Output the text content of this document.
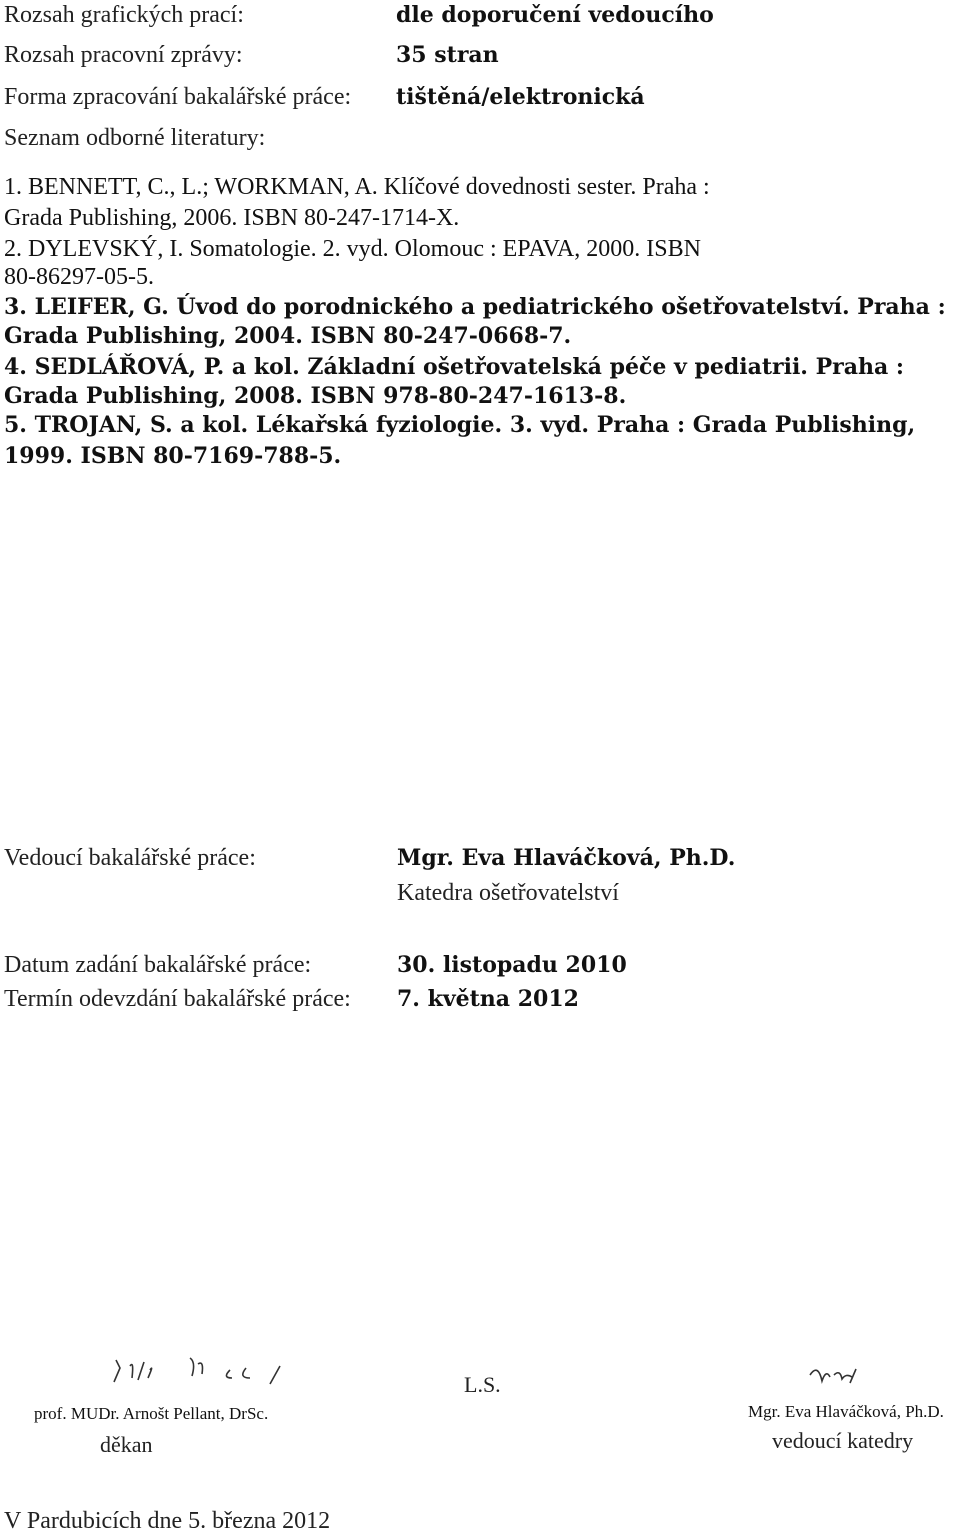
Rozsah grafických prací:	dle doporučení vedoucího
Rozsah pracovní zprávy:	35 stran
Forma zpracování bakalářské práce: tištěná/elektronická
Seznam odborné literatury:
1. BENNETT, C., L.; WORKMAN, A. Klíčové dovednosti sester. Praha :
Grada Publishing, 2006. ISBN 80-247-1714-X.
2. DYLEVSKÝ, I. Somatologie. 2. vyd. Olomouc : EPAVA, 2000. ISBN
80-86297-05-5.
3. LEIFER, G. Úvod do porodnického a pediatrického ošetřovatelství. Praha :
Grada Publishing, 2004. ISBN 80-247-0668-7.
4. SEDLÁŘOVÁ, P. a kol. Základní ošetřovatelská péče v pediatrii. Praha :
Grada Publishing, 2008. ISBN 978-80-247-1613-8.
5. TROJAN, S. a kol. Lékařská fyziologie. 3. vyd. Praha : Grada Publishing,
1999. ISBN 80-7169-788-5.
Vedoucí bakalářské práce:	Mgr. Eva Hlaváčková, Ph.D.
Katedra ošetřovatelství
Datum zadání bakalářské práce:	30. listopadu 2010
Termín odevzdání bakalářské práce: 7. května 2012
prof. MUDr. Arnošt Pellant, DrSc.
děkan
L.S.
Mgr. Eva Hlaváčková, Ph.D.
vedoucí katedry
V Pardubicích dne 5. března 2012
